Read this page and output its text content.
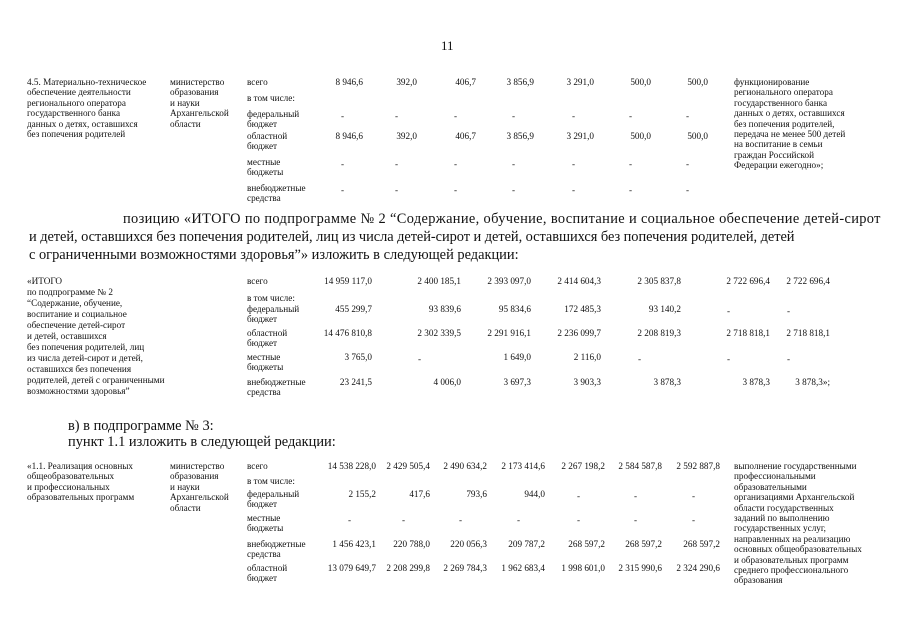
11
4.5. Материально-техническое
обеспечение деятельности
регионального оператора
государственного банка
данных о детях, оставшихся
без попечения родителей
министерство
образования
и науки
Архангельской
области
функционирование
регионального оператора
государственного банка
данных о детях, оставшихся
без попечения родителей,
передача не менее 500 детей
на воспитание в семьи
граждан Российской
Федерации ежегодно»;
всего	8 946,6	392,0	406,7	3 856,9	3 291,0	500,0	500,0
в том числе:
федеральный
бюджет
-	-	-	-	-	-	-
областной
бюджет
8 946,6	392,0	406,7	3 856,9	3 291,0	500,0	500,0
местные
бюджеты
-	-	-	-	-	-	-
внебюджетные
средства
-	-	-	-	-	-	-
позицию «ИТОГО по подпрограмме № 2 “Содержание, обучение, воспитание и социальное обеспечение детей-сирот
и детей, оставшихся без попечения родителей, лиц из числа детей-сирот и детей, оставшихся без попечения родителей, детей
с ограниченными возможностями здоровья”» изложить в следующей редакции:
«ИТОГО
по подпрограмме № 2
“Содержание, обучение,
воспитание и социальное
обеспечение детей-сирот
и детей, оставшихся
без попечения родителей, лиц
из числа детей-сирот и детей,
оставшихся без попечения
родителей, детей с ограниченными
возможностями здоровья”
всего	14 959 117,0	2 400 185,1	2 393 097,0	2 414 604,3	2 305 837,8	2 722 696,4	2 722 696,4
в том числе:
федеральный
бюджет
455 299,7	93 839,6	95 834,6	172 485,3	93 140,2	-	-
областной
бюджет
14 476 810,8	2 302 339,5	2 291 916,1	2 236 099,7	2 208 819,3	2 718 818,1	2 718 818,1
местные
бюджеты
3 765,0	-	1 649,0	2 116,0	-	-	-
внебюджетные
средства
23 241,5	4 006,0	3 697,3	3 903,3	3 878,3	3 878,3	3 878,3»;
в) в подпрограмме № 3:
пункт 1.1 изложить в следующей редакции:
«1.1. Реализация основных
общеобразовательных
и профессиональных
образовательных программ
министерство
образования
и науки
Архангельской
области
выполнение государственными
профессиональными
образовательными
организациями Архангельской
области государственных
заданий по выполнению
государственных услуг,
направленных на реализацию
основных общеобразовательных
и образовательных программ
среднего профессионального
образования
всего	14 538 228,0	2 429 505,4	2 490 634,2	2 173 414,6	2 267 198,2	2 584 587,8	2 592 887,8
в том числе:
федеральный
бюджет
2 155,2	417,6	793,6	944,0	-	-	-
местные
бюджеты
-	-	-	-	-	-	-
внебюджетные
средства
1 456 423,1	220 788,0	220 056,3	209 787,2	268 597,2	268 597,2	268 597,2
областной
бюджет
13 079 649,7	2 208 299,8	2 269 784,3	1 962 683,4	1 998 601,0	2 315 990,6	2 324 290,6
